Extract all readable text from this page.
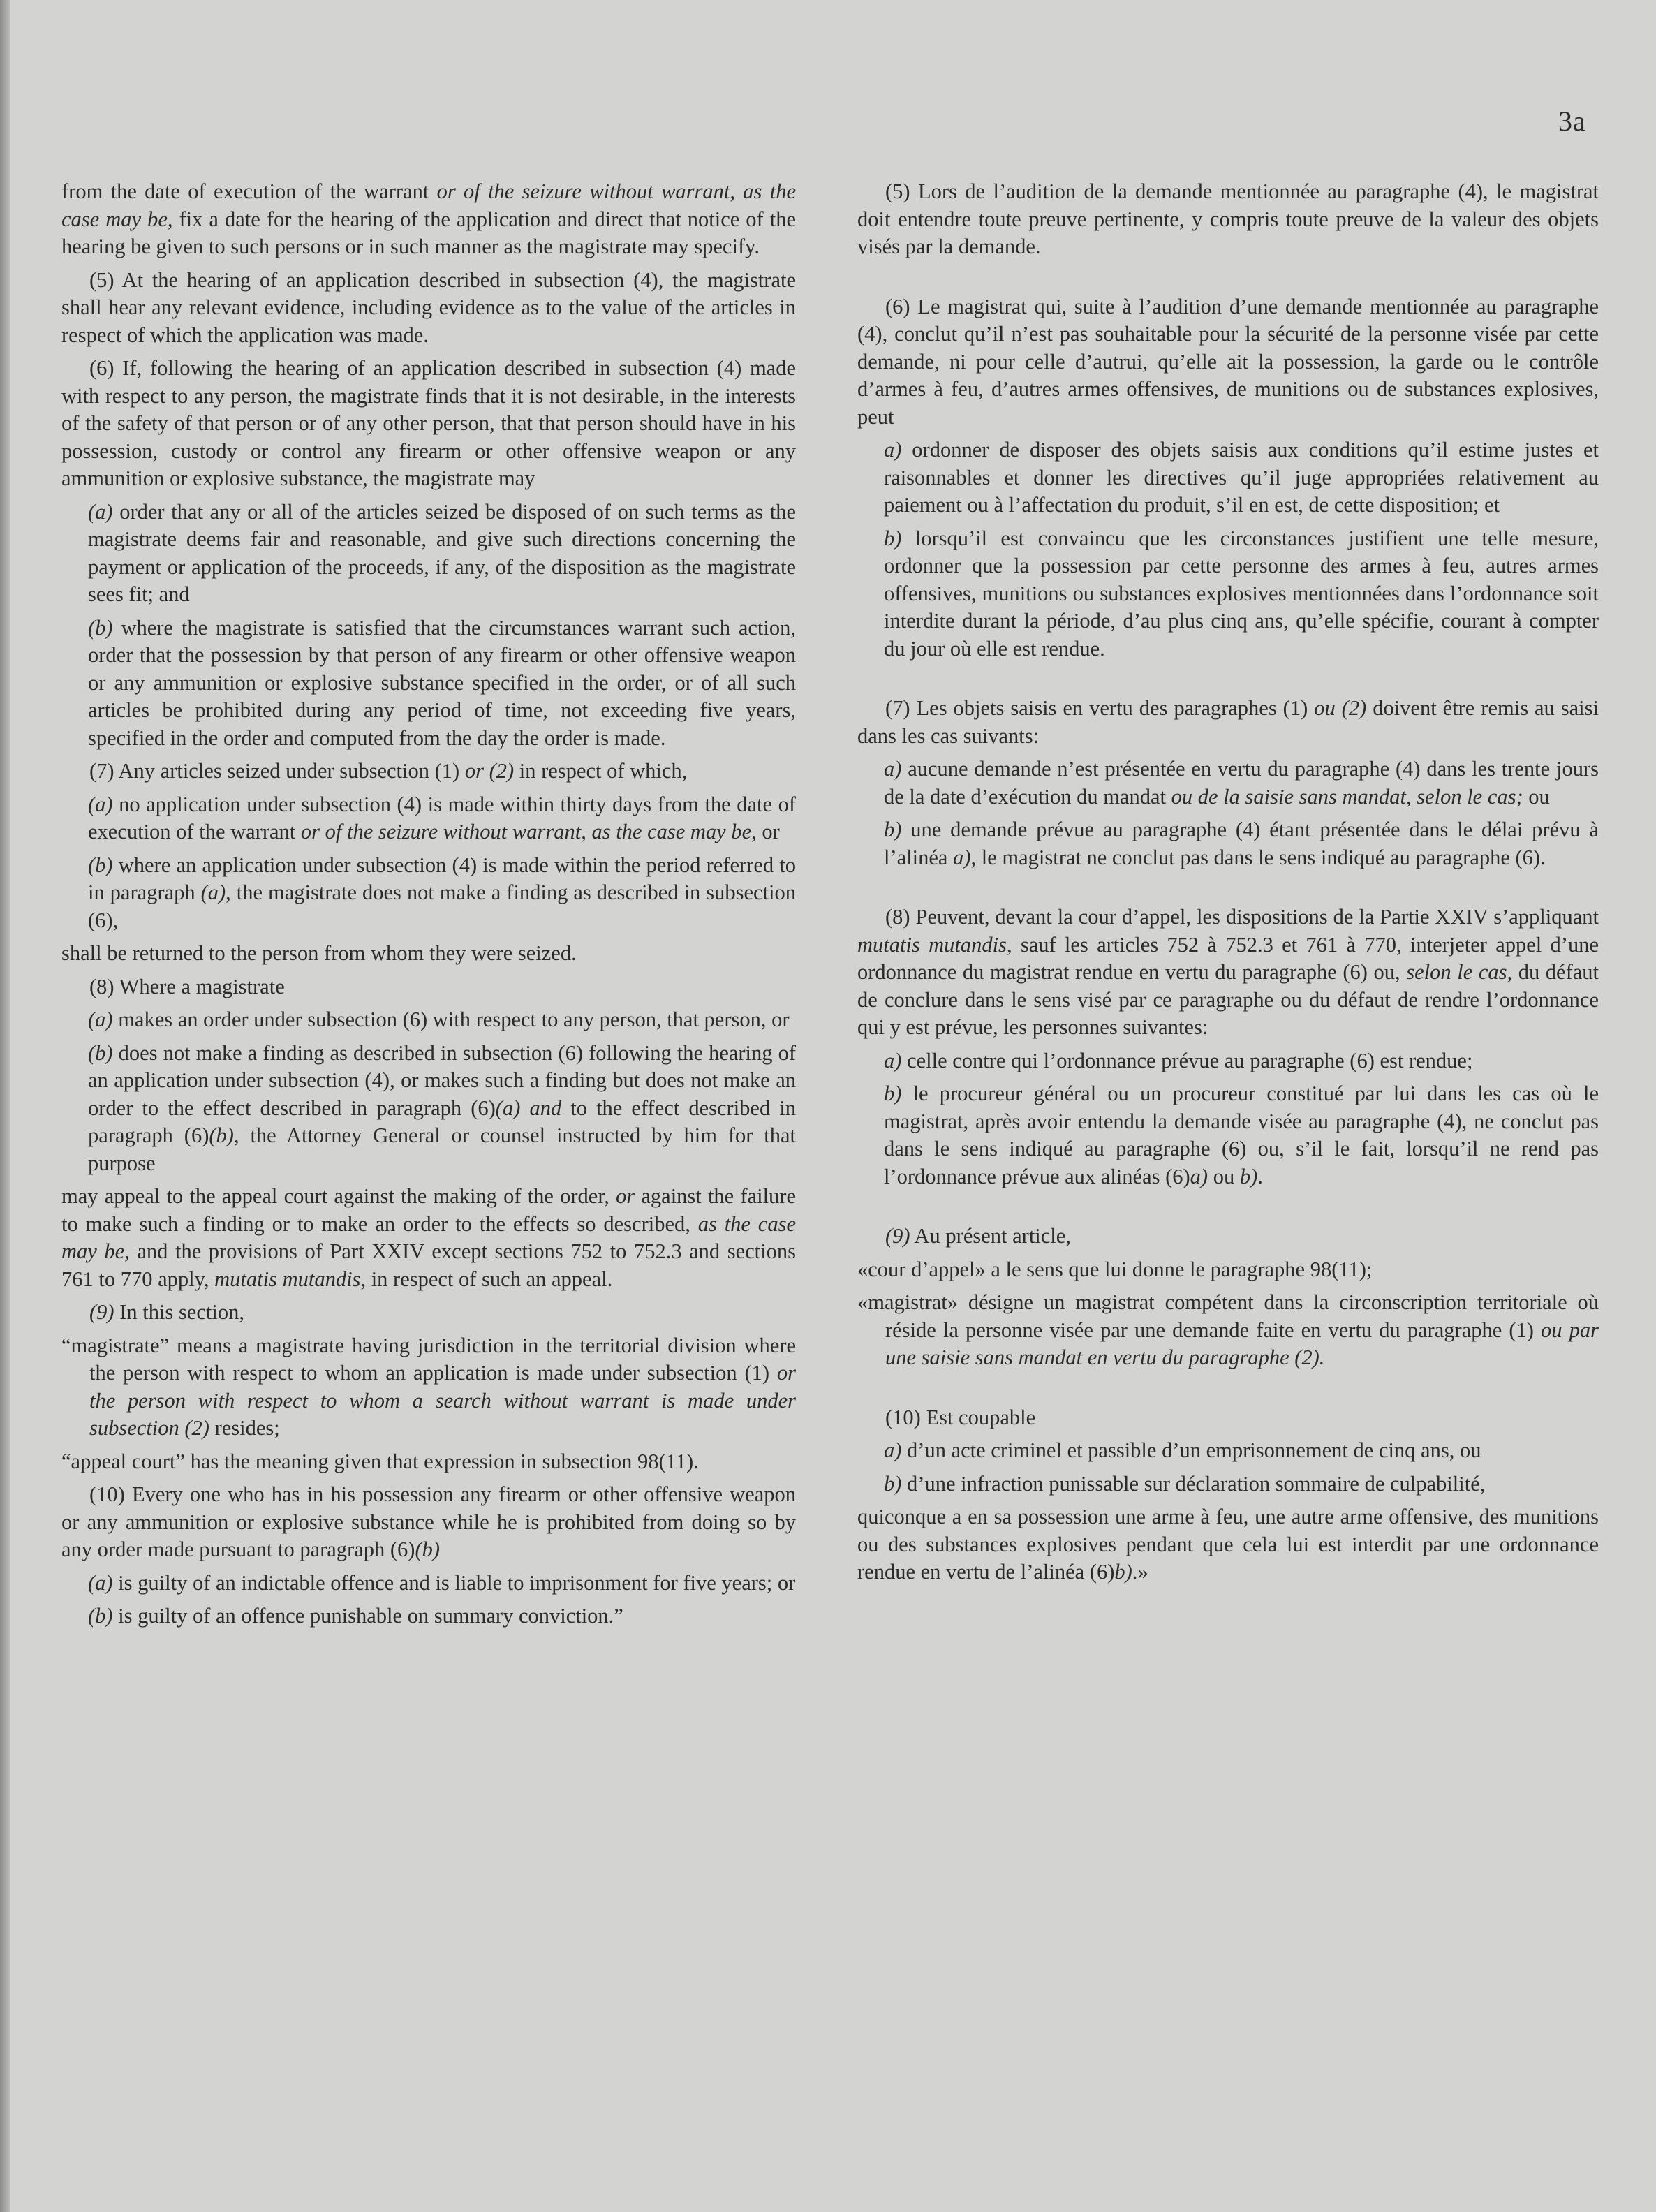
3a

from the date of execution of the warrant or of the seizure without warrant, as the case may be, fix a date for the hearing of the application and direct that notice of the hearing be given to such persons or in such manner as the magistrate may specify.

(5) At the hearing of an application described in subsection (4), the magistrate shall hear any relevant evidence, including evidence as to the value of the articles in respect of which the application was made.

(6) If, following the hearing of an application described in subsection (4) made with respect to any person, the magistrate finds that it is not desirable, in the interests of the safety of that person or of any other person, that that person should have in his possession, custody or control any firearm or other offensive weapon or any ammunition or explosive substance, the magistrate may

(a) order that any or all of the articles seized be disposed of on such terms as the magistrate deems fair and reasonable, and give such directions concerning the payment or application of the proceeds, if any, of the disposition as the magistrate sees fit; and

(b) where the magistrate is satisfied that the circumstances warrant such action, order that the possession by that person of any firearm or other offensive weapon or any ammunition or explosive substance specified in the order, or of all such articles be prohibited during any period of time, not exceeding five years, specified in the order and computed from the day the order is made.

(7) Any articles seized under subsection (1) or (2) in respect of which,

(a) no application under subsection (4) is made within thirty days from the date of execution of the warrant or of the seizure without warrant, as the case may be, or

(b) where an application under subsection (4) is made within the period referred to in paragraph (a), the magistrate does not make a finding as described in subsection (6),

shall be returned to the person from whom they were seized.

(8) Where a magistrate

(a) makes an order under subsection (6) with respect to any person, that person, or

(b) does not make a finding as described in subsection (6) following the hearing of an application under subsection (4), or makes such a finding but does not make an order to the effect described in paragraph (6)(a) and to the effect described in paragraph (6)(b), the Attorney General or counsel instructed by him for that purpose

may appeal to the appeal court against the making of the order, or against the failure to make such a finding or to make an order to the effects so described, as the case may be, and the provisions of Part XXIV except sections 752 to 752.3 and sections 761 to 770 apply, mutatis mutandis, in respect of such an appeal.

(9) In this section,

“magistrate” means a magistrate having jurisdiction in the territorial division where the person with respect to whom an application is made under subsection (1) or the person with respect to whom a search without warrant is made under subsection (2) resides;

“appeal court” has the meaning given that expression in subsection 98(11).

(10) Every one who has in his possession any firearm or other offensive weapon or any ammunition or explosive substance while he is prohibited from doing so by any order made pursuant to paragraph (6)(b)

(a) is guilty of an indictable offence and is liable to imprisonment for five years; or

(b) is guilty of an offence punishable on summary conviction.”

(5) Lors de l’audition de la demande mentionnée au paragraphe (4), le magistrat doit entendre toute preuve pertinente, y compris toute preuve de la valeur des objets visés par la demande.

(6) Le magistrat qui, suite à l’audition d’une demande mentionnée au paragraphe (4), conclut qu’il n’est pas souhaitable pour la sécurité de la personne visée par cette demande, ni pour celle d’autrui, qu’elle ait la possession, la garde ou le contrôle d’armes à feu, d’autres armes offensives, de munitions ou de substances explosives, peut

a) ordonner de disposer des objets saisis aux conditions qu’il estime justes et raisonnables et donner les directives qu’il juge appropriées relativement au paiement ou à l’affectation du produit, s’il en est, de cette disposition; et

b) lorsqu’il est convaincu que les circonstances justifient une telle mesure, ordonner que la possession par cette personne des armes à feu, autres armes offensives, munitions ou substances explosives mentionnées dans l’ordonnance soit interdite durant la période, d’au plus cinq ans, qu’elle spécifie, courant à compter du jour où elle est rendue.

(7) Les objets saisis en vertu des paragraphes (1) ou (2) doivent être remis au saisi dans les cas suivants:

a) aucune demande n’est présentée en vertu du paragraphe (4) dans les trente jours de la date d’exécution du mandat ou de la saisie sans mandat, selon le cas; ou

b) une demande prévue au paragraphe (4) étant présentée dans le délai prévu à l’alinéa a), le magistrat ne conclut pas dans le sens indiqué au paragraphe (6).

(8) Peuvent, devant la cour d’appel, les dispositions de la Partie XXIV s’appliquant mutatis mutandis, sauf les articles 752 à 752.3 et 761 à 770, interjeter appel d’une ordonnance du magistrat rendue en vertu du paragraphe (6) ou, selon le cas, du défaut de conclure dans le sens visé par ce paragraphe ou du défaut de rendre l’ordonnance qui y est prévue, les personnes suivantes:

a) celle contre qui l’ordonnance prévue au paragraphe (6) est rendue;

b) le procureur général ou un procureur constitué par lui dans les cas où le magistrat, après avoir entendu la demande visée au paragraphe (4), ne conclut pas dans le sens indiqué au paragraphe (6) ou, s’il le fait, lorsqu’il ne rend pas l’ordonnance prévue aux alinéas (6)a) ou b).

(9) Au présent article,

«cour d’appel» a le sens que lui donne le paragraphe 98(11);

«magistrat» désigne un magistrat compétent dans la circonscription territoriale où réside la personne visée par une demande faite en vertu du paragraphe (1) ou par une saisie sans mandat en vertu du paragraphe (2).

(10) Est coupable

a) d’un acte criminel et passible d’un emprisonnement de cinq ans, ou

b) d’une infraction punissable sur déclaration sommaire de culpabilité,

quiconque a en sa possession une arme à feu, une autre arme offensive, des munitions ou des substances explosives pendant que cela lui est interdit par une ordonnance rendue en vertu de l’alinéa (6)b).»
